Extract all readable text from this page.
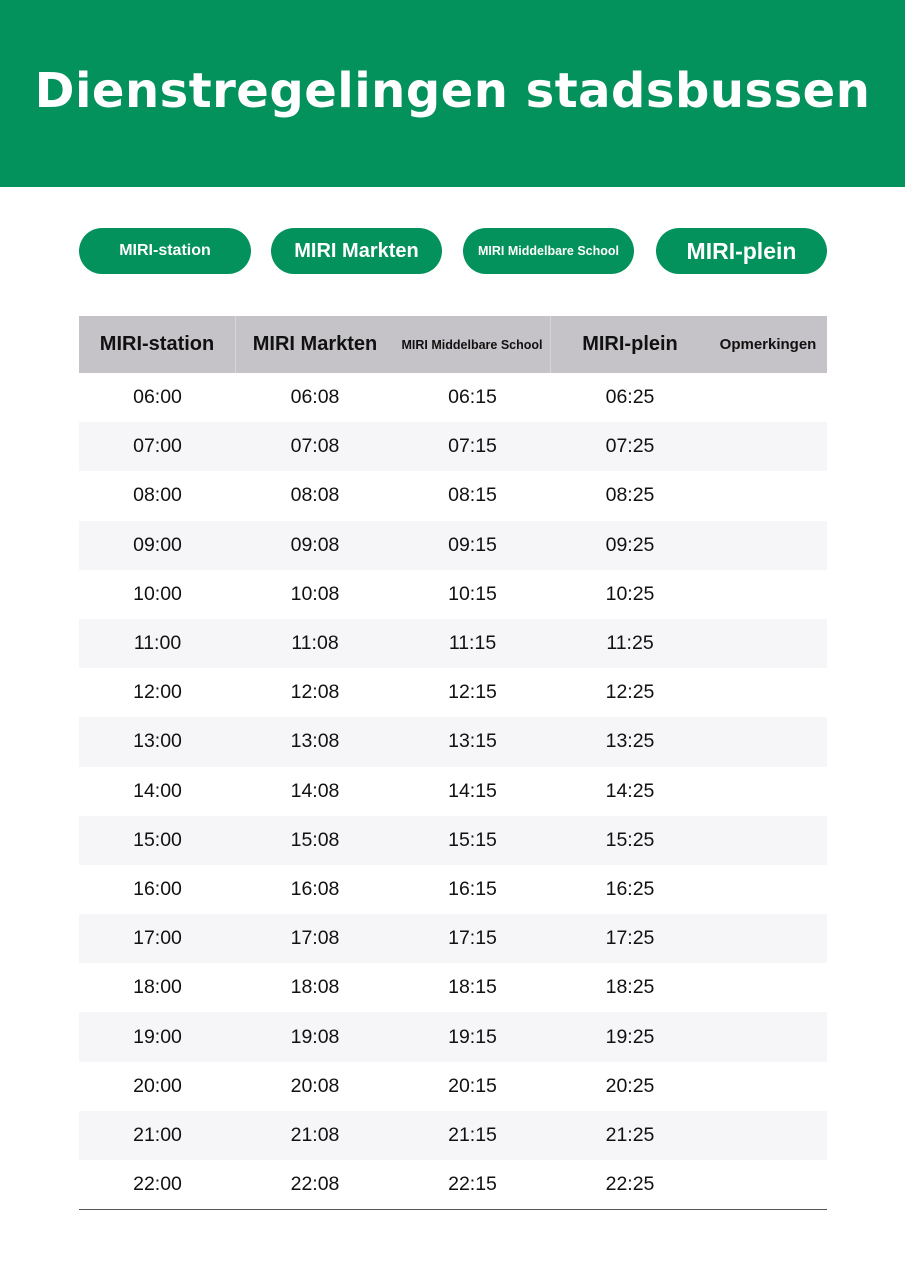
Dienstregelingen stadsbussen
MIRI-station	MIRI Markten	MIRI Middelbare School	MIRI-plein
MIRI-station	MIRI Markten	MIRI Middelbare School	MIRI-plein	Opmerkingen
06:00	06:08	06:15	06:25
07:00	07:08	07:15	07:25
08:00	08:08	08:15	08:25
09:00	09:08	09:15	09:25
10:00	10:08	10:15	10:25
11:00	11:08	11:15	11:25
12:00	12:08	12:15	12:25
13:00	13:08	13:15	13:25
14:00	14:08	14:15	14:25
15:00	15:08	15:15	15:25
16:00	16:08	16:15	16:25
17:00	17:08	17:15	17:25
18:00	18:08	18:15	18:25
19:00	19:08	19:15	19:25
20:00	20:08	20:15	20:25
21:00	21:08	21:15	21:25
22:00	22:08	22:15	22:25
